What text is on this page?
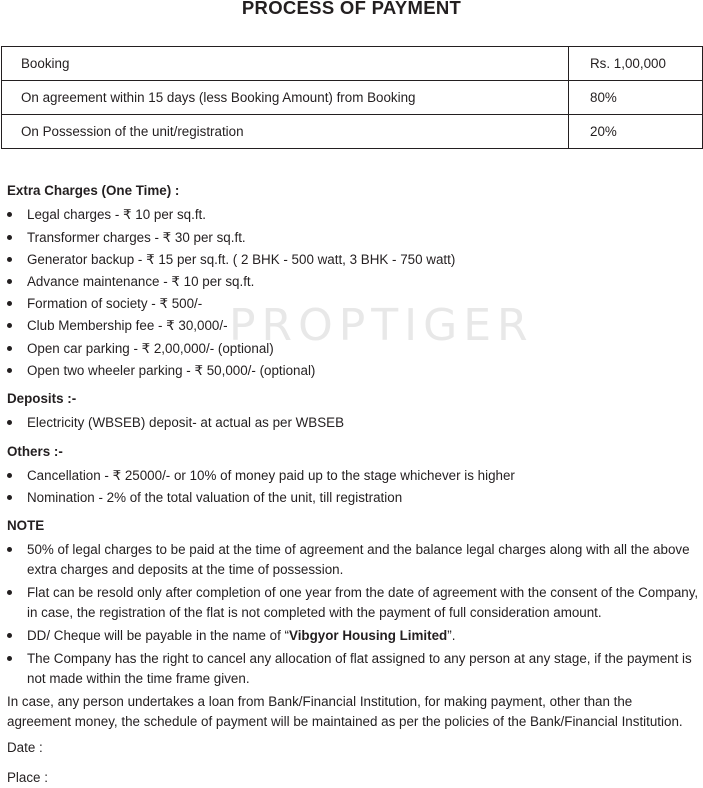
PROCESS OF PAYMENT
PROPTIGER
Booking	Rs. 1,00,000
On agreement within 15 days (less Booking Amount) from Booking	80%
On Possession of the unit/registration	20%
Extra Charges (One Time) :
Legal charges - ₹ 10 per sq.ft.
Transformer charges - ₹ 30 per sq.ft.
Generator backup - ₹ 15 per sq.ft. ( 2 BHK - 500 watt, 3 BHK - 750 watt)
Advance maintenance - ₹ 10 per sq.ft.
Formation of society - ₹ 500/-
Club Membership fee - ₹ 30,000/-
Open car parking - ₹ 2,00,000/- (optional)
Open two wheeler parking - ₹ 50,000/- (optional)
Deposits :-
Electricity (WBSEB) deposit- at actual as per WBSEB
Others :-
Cancellation - ₹ 25000/- or 10% of money paid up to the stage whichever is higher
Nomination - 2% of the total valuation of the unit, till registration
NOTE
50% of legal charges to be paid at the time of agreement and the balance legal charges along with all the above extra charges and deposits at the time of possession.
Flat can be resold only after completion of one year from the date of agreement with the consent of the Company, in case, the registration of the flat is not completed with the payment of full consideration amount.
DD/ Cheque will be payable in the name of “Vibgyor Housing Limited”.
The Company has the right to cancel any allocation of flat assigned to any person at any stage, if the payment is not made within the time frame given.
In case, any person undertakes a loan from Bank/Financial Institution, for making payment, other than the agreement money, the schedule of payment will be maintained as per the policies of the Bank/Financial Institution.
Date :
Place :
